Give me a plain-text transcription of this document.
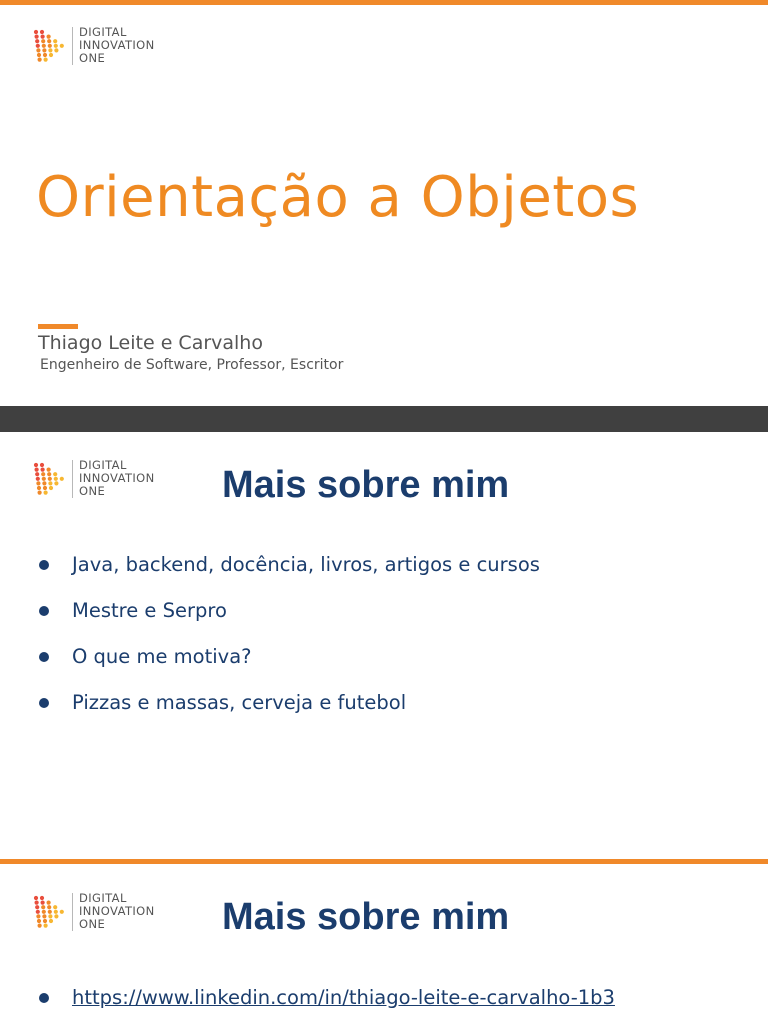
DIGITAL
INNOVATION
ONE
Orientação a Objetos
Thiago Leite e Carvalho
Engenheiro de Software, Professor, Escritor
DIGITAL
INNOVATION
ONE	Mais sobre mim
Java, backend, docência, livros, artigos e cursos
Mestre e Serpro
O que me motiva?
Pizzas e massas, cerveja e futebol
DIGITAL
INNOVATION
ONE	Mais sobre mim
https://www.linkedin.com/in/thiago-leite-e-carvalho-1b3
